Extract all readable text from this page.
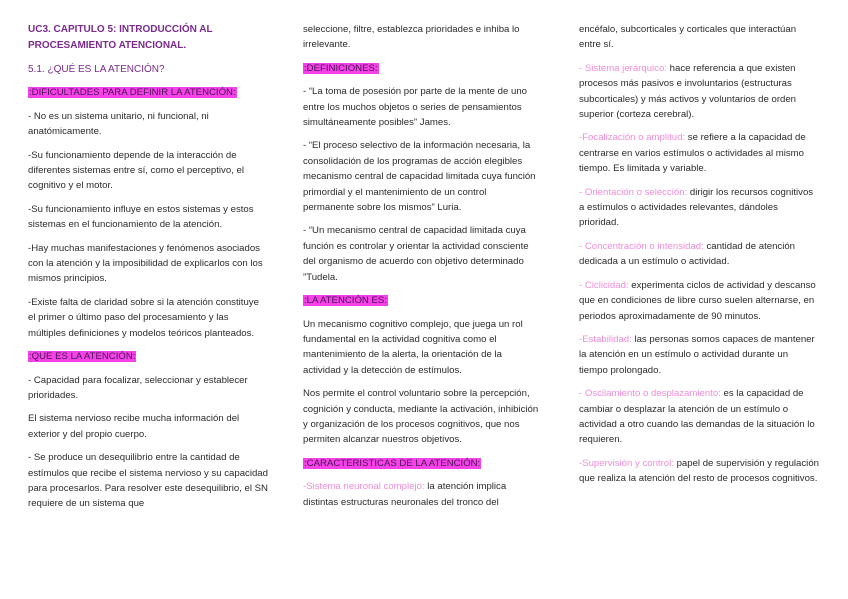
UC3. CAPITULO 5: INTRODUCCIÓN AL PROCESAMIENTO ATENCIONAL.

5.1. ¿QUÉ ES LA ATENCIÓN?

:DIFICULTADES PARA DEFINIR LA ATENCIÓN:

- No es un sistema unitario, ni funcional, ni anatómicamente.

-Su funcionamiento depende de la interacción de diferentes sistemas entre sí, como el perceptivo, el cognitivo y el motor.

-Su funcionamiento influye en estos sistemas y estos sistemas en el funcionamiento de la atención.

-Hay muchas manifestaciones y fenómenos asociados con la atención y la imposibilidad de explicarlos con los mismos principios.

-Existe falta de claridad sobre si la atención constituye el primer o último paso del procesamiento y las múltiples definiciones y modelos teóricos planteados.

:QUE ES LA ATENCIÓN:

- Capacidad para focalizar, seleccionar y establecer prioridades.

El sistema nervioso recibe mucha información del exterior y del propio cuerpo.

- Se produce un desequilibrio entre la cantidad de estímulos que recibe el sistema nervioso y su capacidad para procesarlos. Para resolver este desequilibrio, el SN requiere de un sistema que

seleccione, filtre, establezca prioridades e inhiba lo irrelevante.

:DEFINICIONES:

- “La toma de posesión por parte de la mente de uno entre los muchos objetos o series de pensamientos simultáneamente posibles” James.

- “El proceso selectivo de la información necesaria, la consolidación de los programas de acción elegibles mecanismo central de capacidad limitada cuya función primordial y el mantenimiento de un control permanente sobre los mismos” Luria.

- “Un mecanismo central de capacidad limitada cuya función es controlar y orientar la actividad consciente del organismo de acuerdo con objetivo determinado ”Tudela.

:LA ATENCIÓN ES:

Un mecanismo cognitivo complejo, que juega un rol fundamental en la actividad cognitiva como el mantenimiento de la alerta, la orientación de la actividad y la detección de estímulos.

Nos permite el control voluntario sobre la percepción, cognición y conducta, mediante la activación, inhibición y organización de los procesos cognitivos, que nos permiten alcanzar nuestros objetivos.

:CARACTERISTICAS DE LA ATENCIÓN:

-Sistema neuronal complejo: la atención implica distintas estructuras neuronales del tronco del

encéfalo, subcorticales y corticales que interactúan entre sí.

- Sistema jerárquico: hace referencia a que existen procesos más pasivos e involuntarios (estructuras subcorticales) y más activos y voluntarios de orden superior (corteza cerebral).

-Focalización o amplitud: se refiere a la capacidad de centrarse en varios estímulos o actividades al mismo tiempo. Es limitada y variable.

- Orientación o selección: dirigir los recursos cognitivos a estímulos o actividades relevantes, dándoles prioridad.

- Concentración o intensidad: cantidad de atención dedicada a un estímulo o actividad.

- Ciclicidad: experimenta ciclos de actividad y descanso que en condiciones de libre curso suelen alternarse, en periodos aproximadamente de 90 minutos.

-Estabilidad: las personas somos capaces de mantener la atención en un estímulo o actividad durante un tiempo prolongado.

- Oscilamiento o desplazamiento: es la capacidad de cambiar o desplazar la atención de un estímulo o actividad a otro cuando las demandas de la situación lo requieren.

-Supervisión y control: papel de supervisión y regulación que realiza la atención del resto de procesos cognitivos.
